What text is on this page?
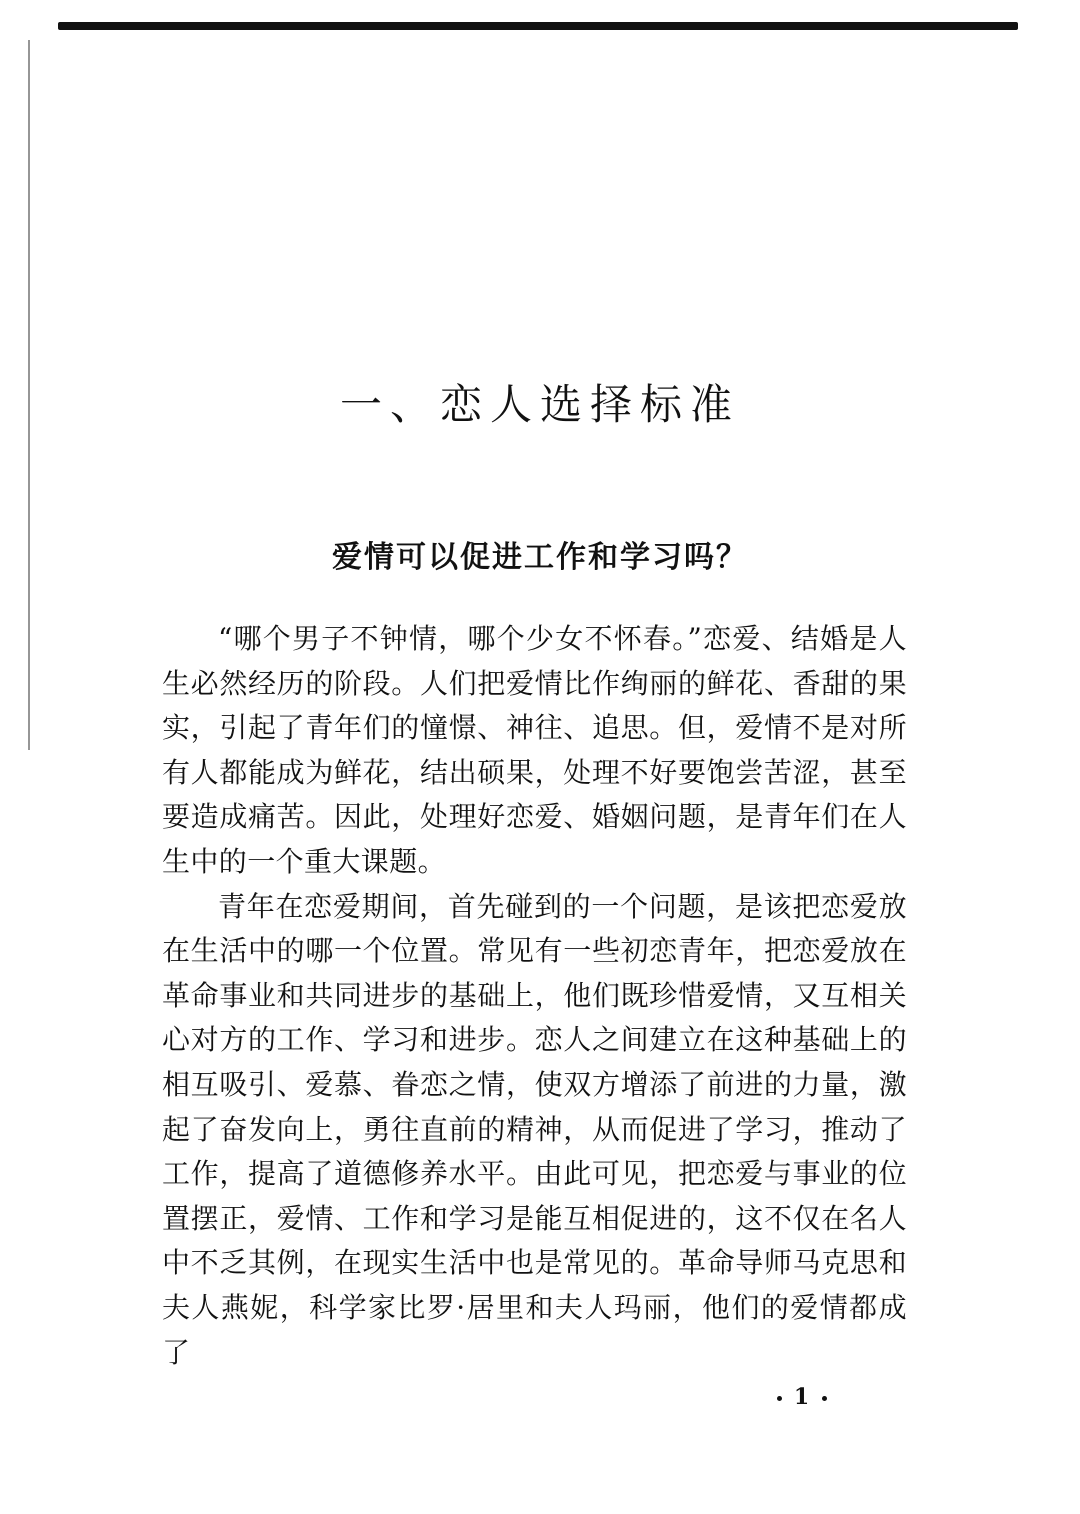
一、恋人选择标准
爱情可以促进工作和学习吗？

“哪个男子不钟情，哪个少女不怀春。”恋爱、结婚是人生必然经历的阶段。人们把爱情比作绚丽的鲜花、香甜的果实，引起了青年们的憧憬、神往、追思。但，爱情不是对所有人都能成为鲜花，结出硕果，处理不好要饱尝苦涩，甚至要造成痛苦。因此，处理好恋爱、婚姻问题，是青年们在人生中的一个重大课题。

青年在恋爱期间，首先碰到的一个问题，是该把恋爱放在生活中的哪一个位置。常见有一些初恋青年，把恋爱放在革命事业和共同进步的基础上，他们既珍惜爱情，又互相关心对方的工作、学习和进步。恋人之间建立在这种基础上的相互吸引、爱慕、眷恋之情，使双方增添了前进的力量，激起了奋发向上，勇往直前的精神，从而促进了学习，推动了工作，提高了道德修养水平。由此可见，把恋爱与事业的位置摆正，爱情、工作和学习是能互相促进的，这不仅在名人中不乏其例，在现实生活中也是常见的。革命导师马克思和夫人燕妮，科学家比罗·居里和夫人玛丽，他们的爱情都成了

1
